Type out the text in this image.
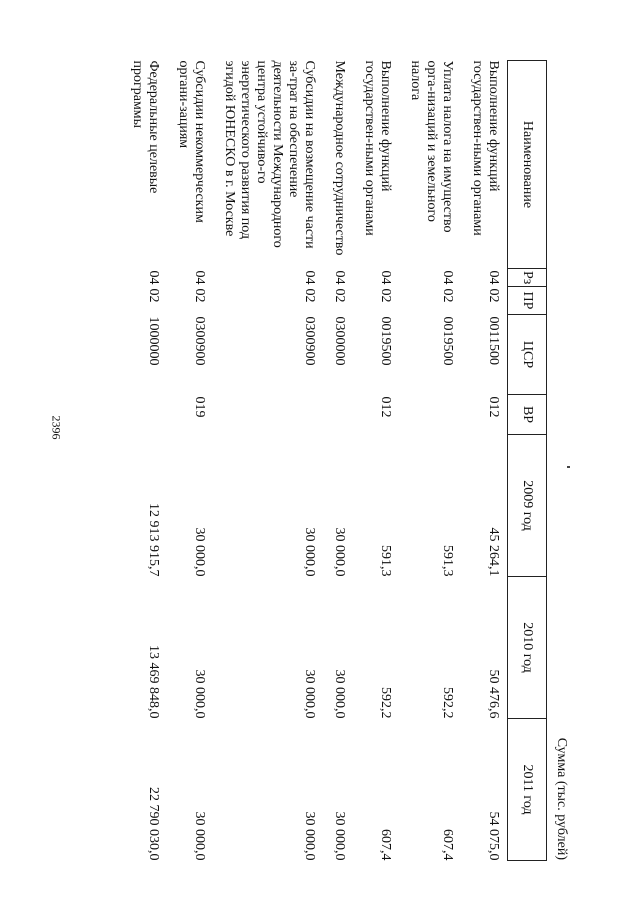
2396
Сумма (тыс. рублей)
Наименование	Рз	ПР	ЦСР	ВР	2009 год	2010 год	2011 год
Выполнение функций государствен-ными органами	04	02	0011500	012	45 264,1	50 476,6	54 075,0
Уплата налога на имущество орга-низаций и земельного налога	04	02	0019500		591,3	592,2	607,4
Выполнение функций государствен-ными органами	04	02	0019500	012	591,3	592,2	607,4
Международное сотрудничество	04	02	0300000		30 000,0	30 000,0	30 000,0
Субсидии на возмещение части за-трат на обеспечение деятельности Международного центра устойчиво-го энергетического развития под эгидой ЮНЕСКО в г. Москве	04	02	0300900		30 000,0	30 000,0	30 000,0
Субсидии некоммерческим органи-зациям	04	02	0300900	019	30 000,0	30 000,0	30 000,0
Федеральные целевые программы	04	02	1000000		12 913 915,7	13 469 848,0	22 790 030,0
